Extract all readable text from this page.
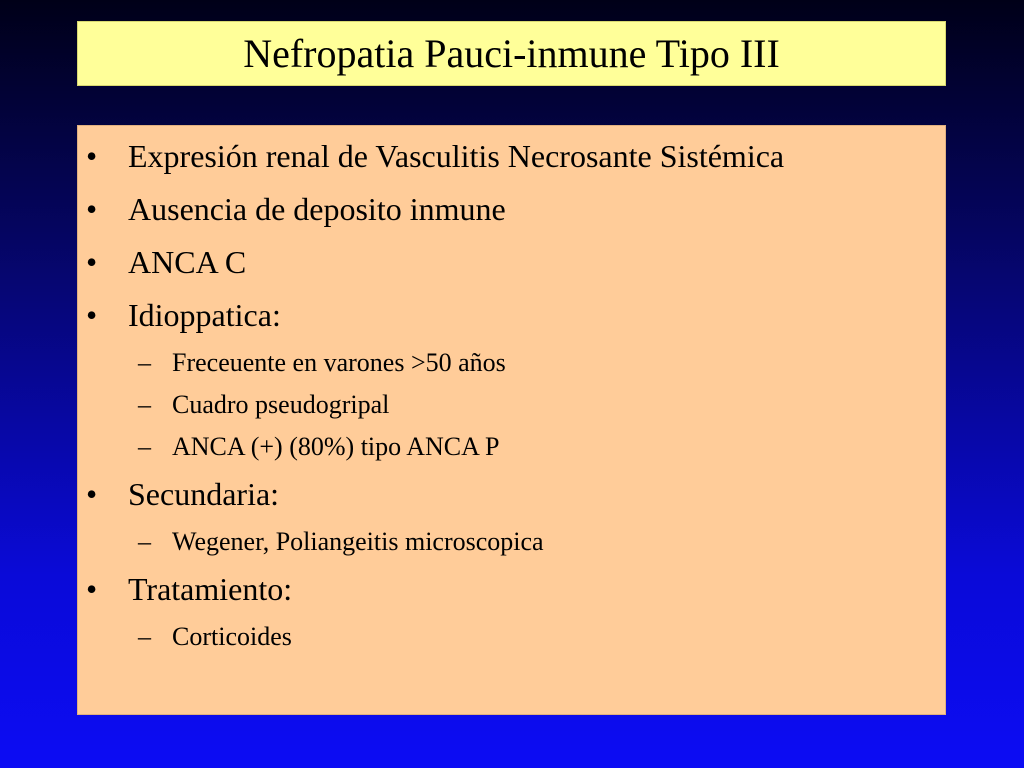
Nefropatia Pauci-inmune Tipo III
• Expresión renal de Vasculitis Necrosante Sistémica
• Ausencia de deposito inmune
• ANCA C
• Idioppatica:
– Freceuente en varones >50 años
– Cuadro pseudogripal
– ANCA (+) (80%) tipo ANCA P
• Secundaria:
– Wegener, Poliangeitis microscopica
• Tratamiento:
– Corticoides
